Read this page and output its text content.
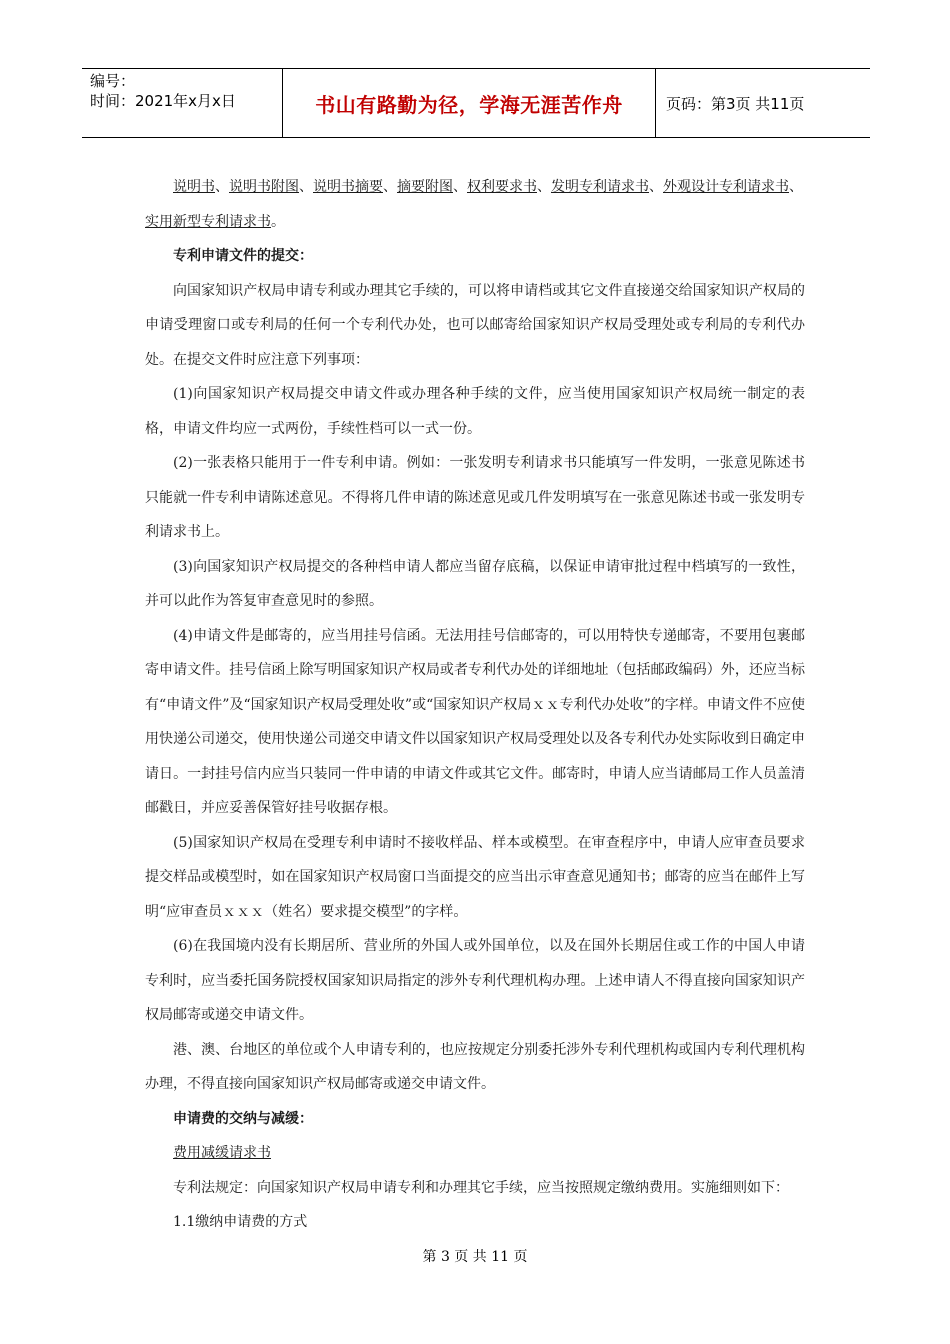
编号：
时间：2021年x月x日	书山有路勤为径，学海无涯苦作舟	页码：第3页 共11页

说明书、说明书附图、说明书摘要、摘要附图、权利要求书、发明专利请求书、外观设计专利请求书、实用新型专利请求书。

专利申请文件的提交：

向国家知识产权局申请专利或办理其它手续的，可以将申请档或其它文件直接递交给国家知识产权局的申请受理窗口或专利局的任何一个专利代办处，也可以邮寄给国家知识产权局受理处或专利局的专利代办处。在提交文件时应注意下列事项：

(1)向国家知识产权局提交申请文件或办理各种手续的文件，应当使用国家知识产权局统一制定的表格，申请文件均应一式两份，手续性档可以一式一份。

(2)一张表格只能用于一件专利申请。例如：一张发明专利请求书只能填写一件发明，一张意见陈述书只能就一件专利申请陈述意见。不得将几件申请的陈述意见或几件发明填写在一张意见陈述书或一张发明专利请求书上。

(3)向国家知识产权局提交的各种档申请人都应当留存底稿，以保证申请审批过程中档填写的一致性，并可以此作为答复审查意见时的参照。

(4)申请文件是邮寄的，应当用挂号信函。无法用挂号信邮寄的，可以用特快专递邮寄，不要用包裹邮寄申请文件。挂号信函上除写明国家知识产权局或者专利代办处的详细地址（包括邮政编码）外，还应当标有“申请文件”及“国家知识产权局受理处收”或“国家知识产权局ｘｘ专利代办处收”的字样。申请文件不应使用快递公司递交，使用快递公司递交申请文件以国家知识产权局受理处以及各专利代办处实际收到日确定申请日。一封挂号信内应当只装同一件申请的申请文件或其它文件。邮寄时，申请人应当请邮局工作人员盖清邮戳日，并应妥善保管好挂号收据存根。

(5)国家知识产权局在受理专利申请时不接收样品、样本或模型。在审查程序中，申请人应审查员要求提交样品或模型时，如在国家知识产权局窗口当面提交的应当出示审查意见通知书；邮寄的应当在邮件上写明“应审查员ｘｘｘ（姓名）要求提交模型”的字样。

(6)在我国境内没有长期居所、营业所的外国人或外国单位，以及在国外长期居住或工作的中国人申请专利时，应当委托国务院授权国家知识局指定的涉外专利代理机构办理。上述申请人不得直接向国家知识产权局邮寄或递交申请文件。

港、澳、台地区的单位或个人申请专利的，也应按规定分别委托涉外专利代理机构或国内专利代理机构办理，不得直接向国家知识产权局邮寄或递交申请文件。

申请费的交纳与减缓：

费用减缓请求书

专利法规定：向国家知识产权局申请专利和办理其它手续，应当按照规定缴纳费用。实施细则如下：

1.1缴纳申请费的方式

第 3 页 共 11 页
